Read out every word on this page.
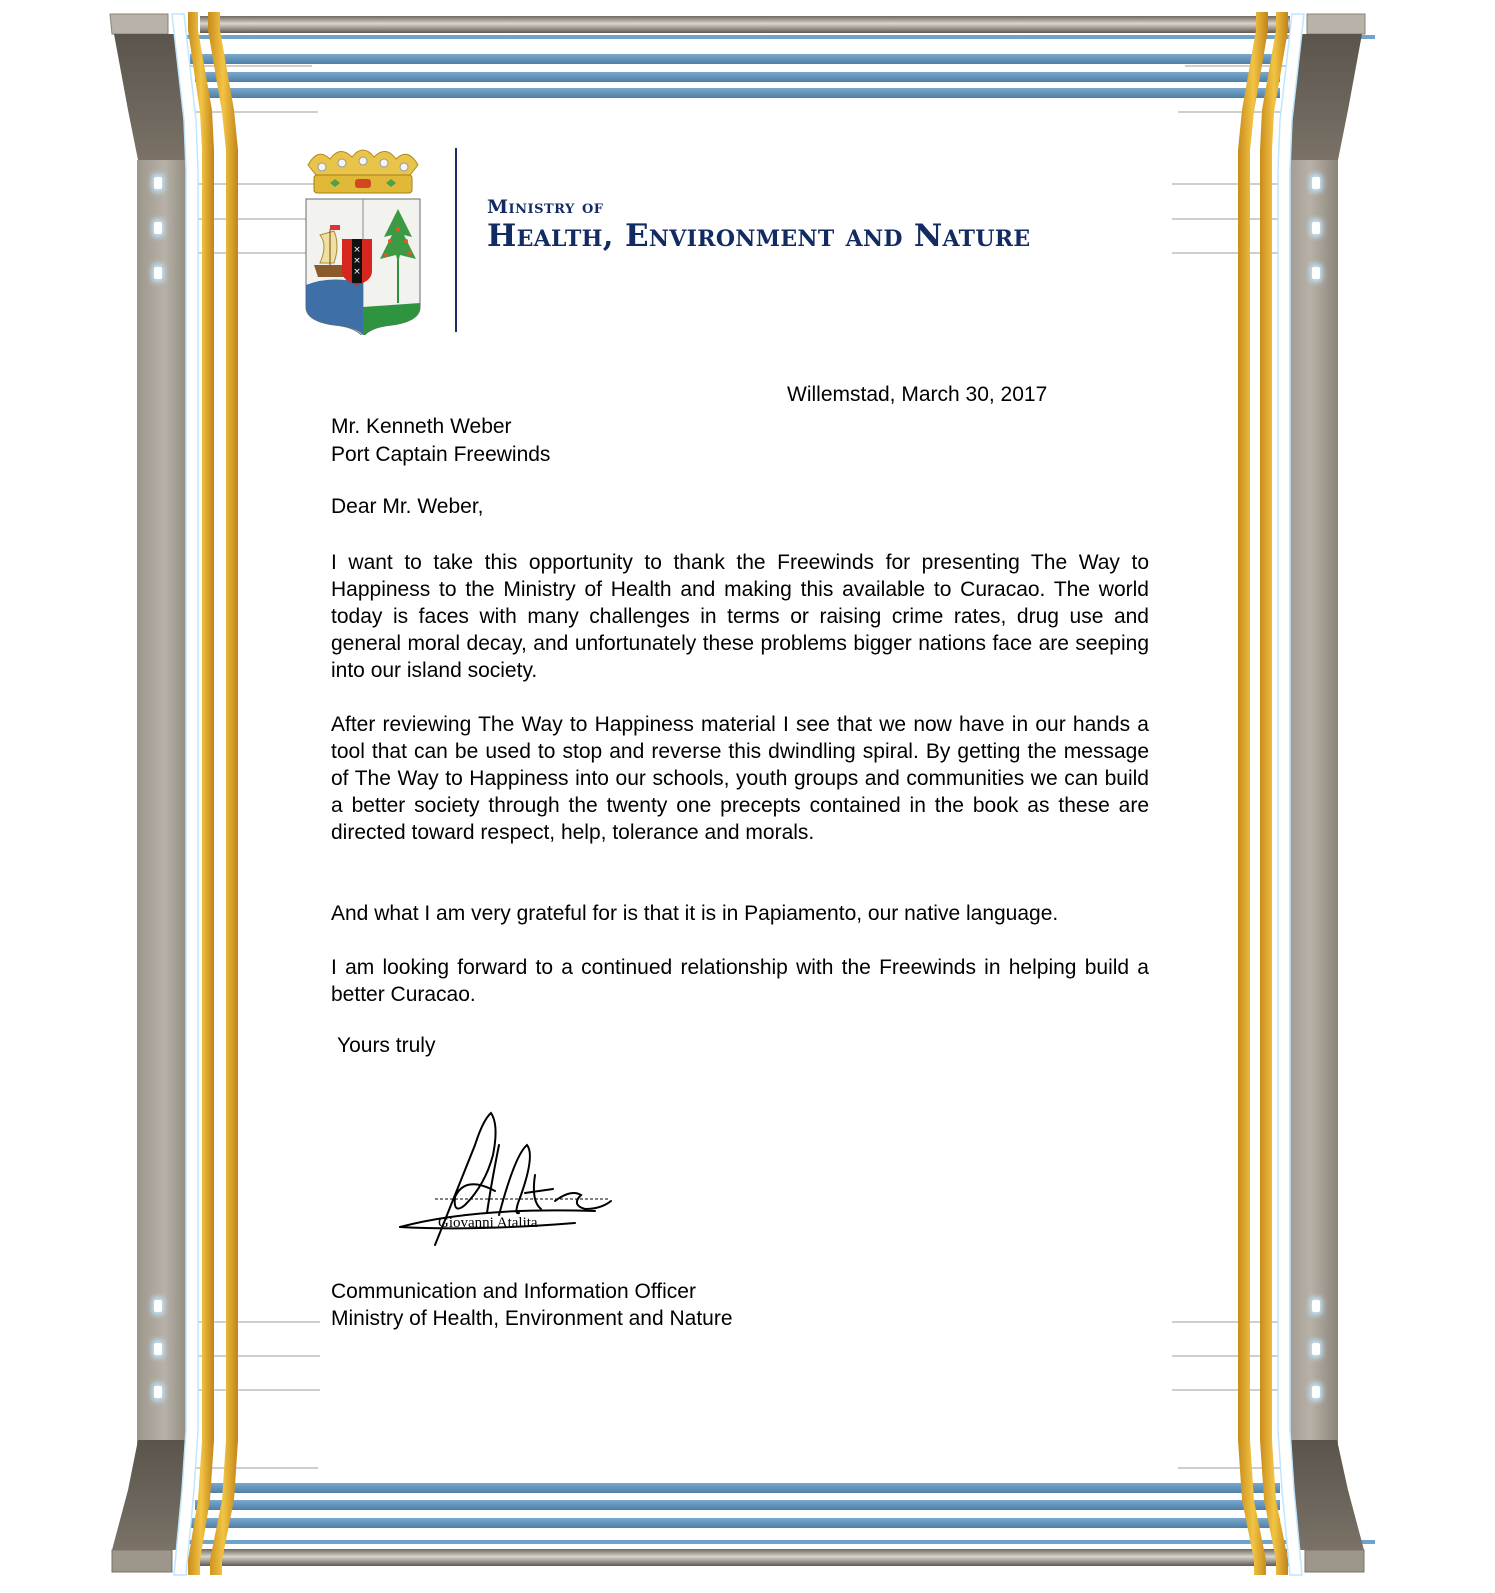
×
×
×
Ministry of
Health, Environment and Nature
Willemstad, March 30, 2017
Mr. Kenneth Weber
Port Captain Freewinds
Dear Mr. Weber,
I want to take this opportunity to thank the Freewinds for presenting The Way to Happiness to the Ministry of Health and making this available to Curacao. The world today is faces with many challenges in terms or raising crime rates, drug use and general moral decay, and unfortunately these problems bigger nations face are seeping into our island society.
After reviewing The Way to Happiness material I see that we now have in our hands a tool that can be used to stop and reverse this dwindling spiral. By getting the message of The Way to Happiness into our schools, youth groups and communities we can build a better society through the twenty one precepts contained in the book as these are directed toward respect, help, tolerance and morals.
And what I am very grateful for is that it is in Papiamento, our native language.
I am looking forward to a continued relationship with the Freewinds in helping build a better Curacao.
Yours truly
Giovanni Atalita
Communication and Information Officer
Ministry of Health, Environment and Nature
